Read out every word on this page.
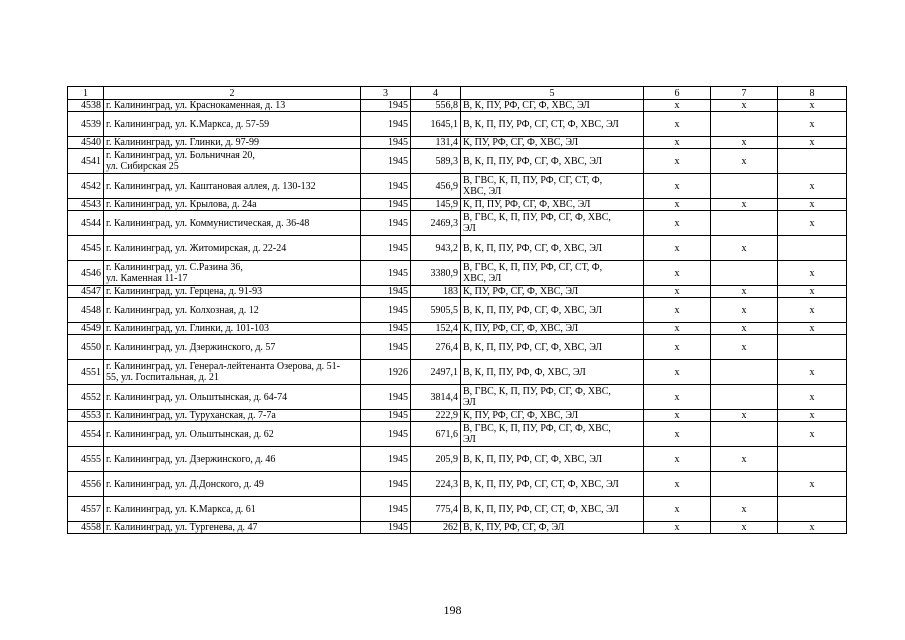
1	2	3	4	5	6	7	8
4538	г. Калининград, ул. Краснокаменная, д. 13	1945	556,8	В, К, ПУ, РФ, СГ, Ф, ХВС, ЭЛ	х	х	х
4539	г. Калининград, ул. К.Маркса, д. 57-59	1945	1645,1	В, К, П, ПУ, РФ, СГ, СТ, Ф, ХВС, ЭЛ	х		х
4540	г. Калининград, ул. Глинки, д. 97-99	1945	131,4	К, ПУ, РФ, СГ, Ф, ХВС, ЭЛ	х	х	х
4541	г. Калининград, ул. Больничная 20,
ул. Сибирская 25	1945	589,3	В, К, П, ПУ, РФ, СГ, Ф, ХВС, ЭЛ	х	х	
4542	г. Калининград, ул. Каштановая аллея, д. 130-132	1945	456,9	В, ГВС, К, П, ПУ, РФ, СГ, СТ, Ф,
ХВС, ЭЛ	х		х
4543	г. Калининград, ул. Крылова, д. 24а	1945	145,9	К, П, ПУ, РФ, СГ, Ф, ХВС, ЭЛ	х	х	х
4544	г. Калининград, ул. Коммунистическая, д. 36-48	1945	2469,3	В, ГВС, К, П, ПУ, РФ, СГ, Ф, ХВС,
ЭЛ	х		х
4545	г. Калининград, ул. Житомирская, д. 22-24	1945	943,2	В, К, П, ПУ, РФ, СГ, Ф, ХВС, ЭЛ	х	х	
4546	г. Калининград, ул. С.Разина 36,
ул. Каменная 11-17	1945	3380,9	В, ГВС, К, П, ПУ, РФ, СГ, СТ, Ф,
ХВС, ЭЛ	х		х
4547	г. Калининград, ул. Герцена, д. 91-93	1945	183	К, ПУ, РФ, СГ, Ф, ХВС, ЭЛ	х	х	х
4548	г. Калининград, ул. Колхозная, д. 12	1945	5905,5	В, К, П, ПУ, РФ, СГ, Ф, ХВС, ЭЛ	х	х	х
4549	г. Калининград, ул. Глинки, д. 101-103	1945	152,4	К, ПУ, РФ, СГ, Ф, ХВС, ЭЛ	х	х	х
4550	г. Калининград, ул. Дзержинского, д. 57	1945	276,4	В, К, П, ПУ, РФ, СГ, Ф, ХВС, ЭЛ	х	х	
4551	г. Калининград, ул. Генерал-лейтенанта Озерова, д. 51-
55, ул. Госпитальная, д. 21	1926	2497,1	В, К, П, ПУ, РФ, Ф, ХВС, ЭЛ	х		х
4552	г. Калининград, ул. Ольштынская, д. 64-74	1945	3814,4	В, ГВС, К, П, ПУ, РФ, СГ, Ф, ХВС,
ЭЛ	х		х
4553	г. Калининград, ул. Туруханская, д. 7-7а	1945	222,9	К, ПУ, РФ, СГ, Ф, ХВС, ЭЛ	х	х	х
4554	г. Калининград, ул. Ольштынская, д. 62	1945	671,6	В, ГВС, К, П, ПУ, РФ, СГ, Ф, ХВС,
ЭЛ	х		х
4555	г. Калининград, ул. Дзержинского, д. 46	1945	205,9	В, К, П, ПУ, РФ, СГ, Ф, ХВС, ЭЛ	х	х	
4556	г. Калининград, ул. Д.Донского, д. 49	1945	224,3	В, К, П, ПУ, РФ, СГ, СТ, Ф, ХВС, ЭЛ	х		х
4557	г. Калининград, ул. К.Маркса, д. 61	1945	775,4	В, К, П, ПУ, РФ, СГ, СТ, Ф, ХВС, ЭЛ	х	х	
4558	г. Калининград, ул. Тургенева, д. 47	1945	262	В, К, ПУ, РФ, СГ, Ф, ЭЛ	х	х	х
198
